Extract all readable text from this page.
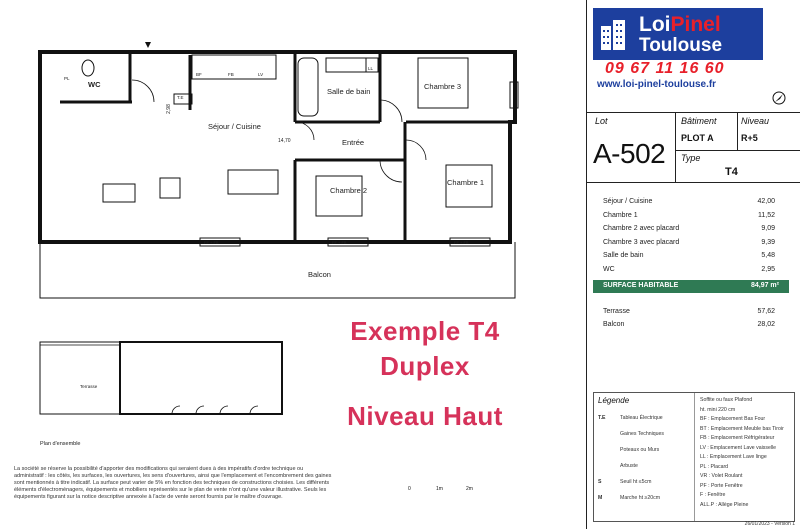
WC
Séjour / Cuisine
Salle de bain
Chambre 3
Entrée
Chambre 2
Chambre 1
Balcon
2,98
14,70
T.E
PL
BF	FB	LV
LL
FF + FB	FF + FB	FF + FB
Terrasse
Plan d'ensemble
Exemple T4
Duplex
Niveau Haut
La société se réserve la possibilité d'apporter des modifications qui seraient dues à des impératifs d'ordre technique ou administratif : les côtés, les surfaces, les ouvertures, les sens d'ouvertures, ainsi que l'emplacement et l'encombrement des gaines sont mentionnés à titre indicatif. La surface peut varier de 5% en fonction des techniques de constructions choisies. Les différents éléments d'électroménagers, équipements et mobiliers représentés sur le plan de vente n'ont qu'une valeur illustrative. Seuls les équipements figurant sur la notice descriptive annexée à l'acte de vente seront fournis par le maître d'ouvrage.
0	1m	2m
LoiPinel
Toulouse
09 67 11 16 60
www.loi-pinel-toulouse.fr
Lot
A-502
Bâtiment
PLOT A
Niveau
R+5
Type
T4
Séjour / Cuisine	42,00
Chambre 1	11,52
Chambre 2 avec placard	9,09
Chambre 3 avec placard	9,39
Salle de bain	5,48
WC	2,95
SURFACE HABITABLE	84,97 m²
Terrasse	57,62
Balcon	28,02
Légende
T.E	Tableau Électrique
Gaines Techniques
Poteaux ou Murs
Arbuste
S	Seuil ht ≤5cm
M	Marche ht ≥20cm
Soffite ou faux Plafond
ht. mini 220 cm
BF : Emplacement Bas Four
BT : Emplacement Meuble bas Tiroir
FB : Emplacement Réfrigérateur
LV : Emplacement Lave vaisselle
LL : Emplacement Lave linge
PL : Placard
VR : Volet Roulant
PF : Porte Fenêtre
F : Fenêtre
ALL.P : Allège Pleine
26/01/2023 - Version 1
